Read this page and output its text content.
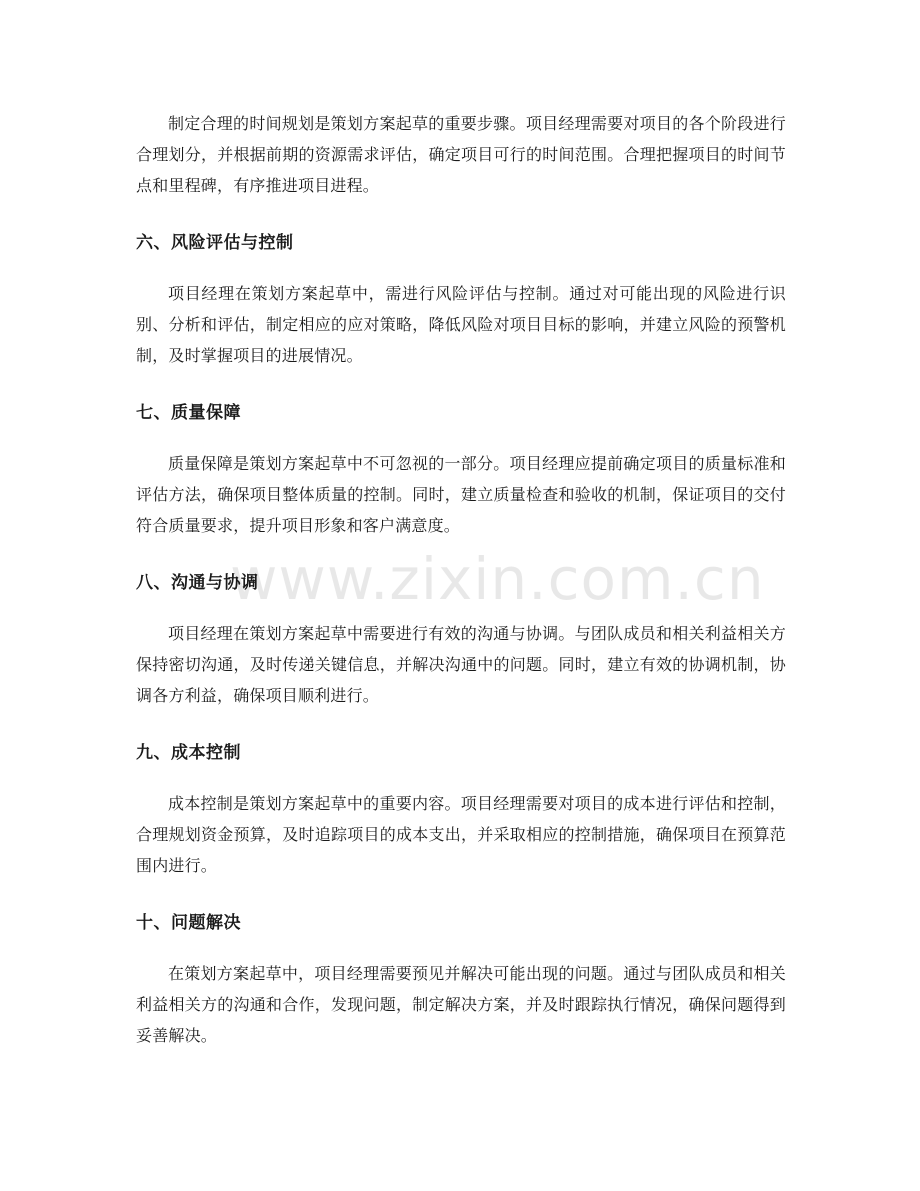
制定合理的时间规划是策划方案起草的重要步骤。项目经理需要对项目的各个阶段进行合理划分，并根据前期的资源需求评估，确定项目可行的时间范围。合理把握项目的时间节点和里程碑，有序推进项目进程。

六、风险评估与控制

项目经理在策划方案起草中，需进行风险评估与控制。通过对可能出现的风险进行识别、分析和评估，制定相应的应对策略，降低风险对项目目标的影响，并建立风险的预警机制，及时掌握项目的进展情况。

七、质量保障

质量保障是策划方案起草中不可忽视的一部分。项目经理应提前确定项目的质量标准和评估方法，确保项目整体质量的控制。同时，建立质量检查和验收的机制，保证项目的交付符合质量要求，提升项目形象和客户满意度。

八、沟通与协调

项目经理在策划方案起草中需要进行有效的沟通与协调。与团队成员和相关利益相关方保持密切沟通，及时传递关键信息，并解决沟通中的问题。同时，建立有效的协调机制，协调各方利益，确保项目顺利进行。

九、成本控制

成本控制是策划方案起草中的重要内容。项目经理需要对项目的成本进行评估和控制，合理规划资金预算，及时追踪项目的成本支出，并采取相应的控制措施，确保项目在预算范围内进行。

十、问题解决

在策划方案起草中，项目经理需要预见并解决可能出现的问题。通过与团队成员和相关利益相关方的沟通和合作，发现问题，制定解决方案，并及时跟踪执行情况，确保问题得到妥善解决。

www.zixin.com.cn
